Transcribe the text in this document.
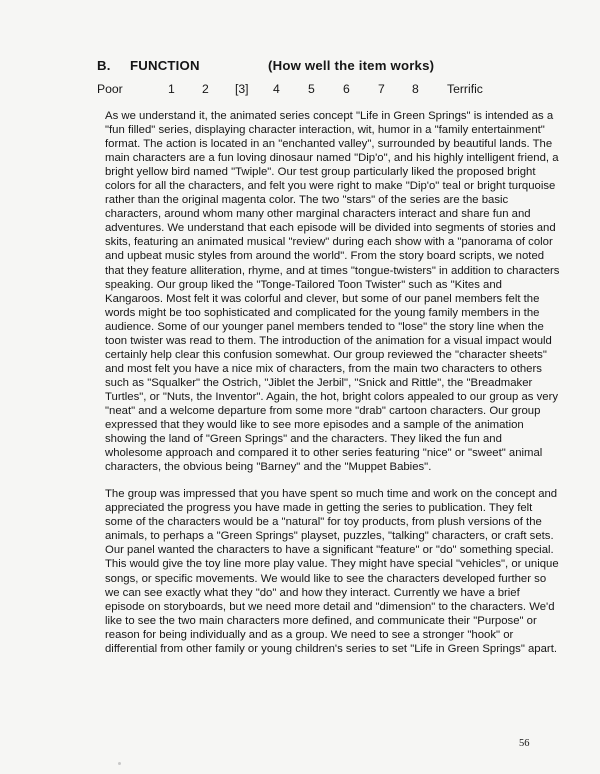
B. FUNCTION	(How well the item works)
Poor	1 2 [3] 4 5 6 7 8 Terrific

As we understand it, the animated series concept "Life in Green Springs" is intended as a "fun filled" series, displaying character interaction, wit, humor in a "family entertainment" format. The action is located in an "enchanted valley", surrounded by beautiful lands. The main characters are a fun loving dinosaur named "Dip'o", and his highly intelligent friend, a bright yellow bird named "Twiple". Our test group particularly liked the proposed bright colors for all the characters, and felt you were right to make "Dip'o" teal or bright turquoise rather than the original magenta color. The two "stars" of the series are the basic characters, around whom many other marginal characters interact and share fun and adventures. We understand that each episode will be divided into segments of stories and skits, featuring an animated musical "review" during each show with a "panorama of color and upbeat music styles from around the world". From the story board scripts, we noted that they feature alliteration, rhyme, and at times "tongue-twisters" in addition to characters speaking. Our group liked the "Tonge-Tailored Toon Twister" such as "Kites and Kangaroos. Most felt it was colorful and clever, but some of our panel members felt the words might be too sophisticated and complicated for the young family members in the audience. Some of our younger panel members tended to "lose" the story line when the toon twister was read to them. The introduction of the animation for a visual impact would certainly help clear this confusion somewhat. Our group reviewed the "character sheets" and most felt you have a nice mix of characters, from the main two characters to others such as "Squalker" the Ostrich, "Jiblet the Jerbil", "Snick and Rittle", the "Breadmaker Turtles", or "Nuts, the Inventor". Again, the hot, bright colors appealed to our group as very "neat" and a welcome departure from some more "drab" cartoon characters. Our group expressed that they would like to see more episodes and a sample of the animation showing the land of "Green Springs" and the characters. They liked the fun and wholesome approach and compared it to other series featuring "nice" or "sweet" animal characters, the obvious being "Barney" and the "Muppet Babies".

The group was impressed that you have spent so much time and work on the concept and appreciated the progress you have made in getting the series to publication. They felt some of the characters would be a "natural" for toy products, from plush versions of the animals, to perhaps a "Green Springs" playset, puzzles, "talking" characters, or craft sets. Our panel wanted the characters to have a significant "feature" or "do" something special. This would give the toy line more play value. They might have special "vehicles", or unique songs, or specific movements. We would like to see the characters developed further so we can see exactly what they "do" and how they interact. Currently we have a brief episode on storyboards, but we need more detail and "dimension" to the characters. We'd like to see the two main characters more defined, and communicate their "Purpose" or reason for being individually and as a group. We need to see a stronger "hook" or differential from other family or young children's series to set "Life in Green Springs" apart.

56
